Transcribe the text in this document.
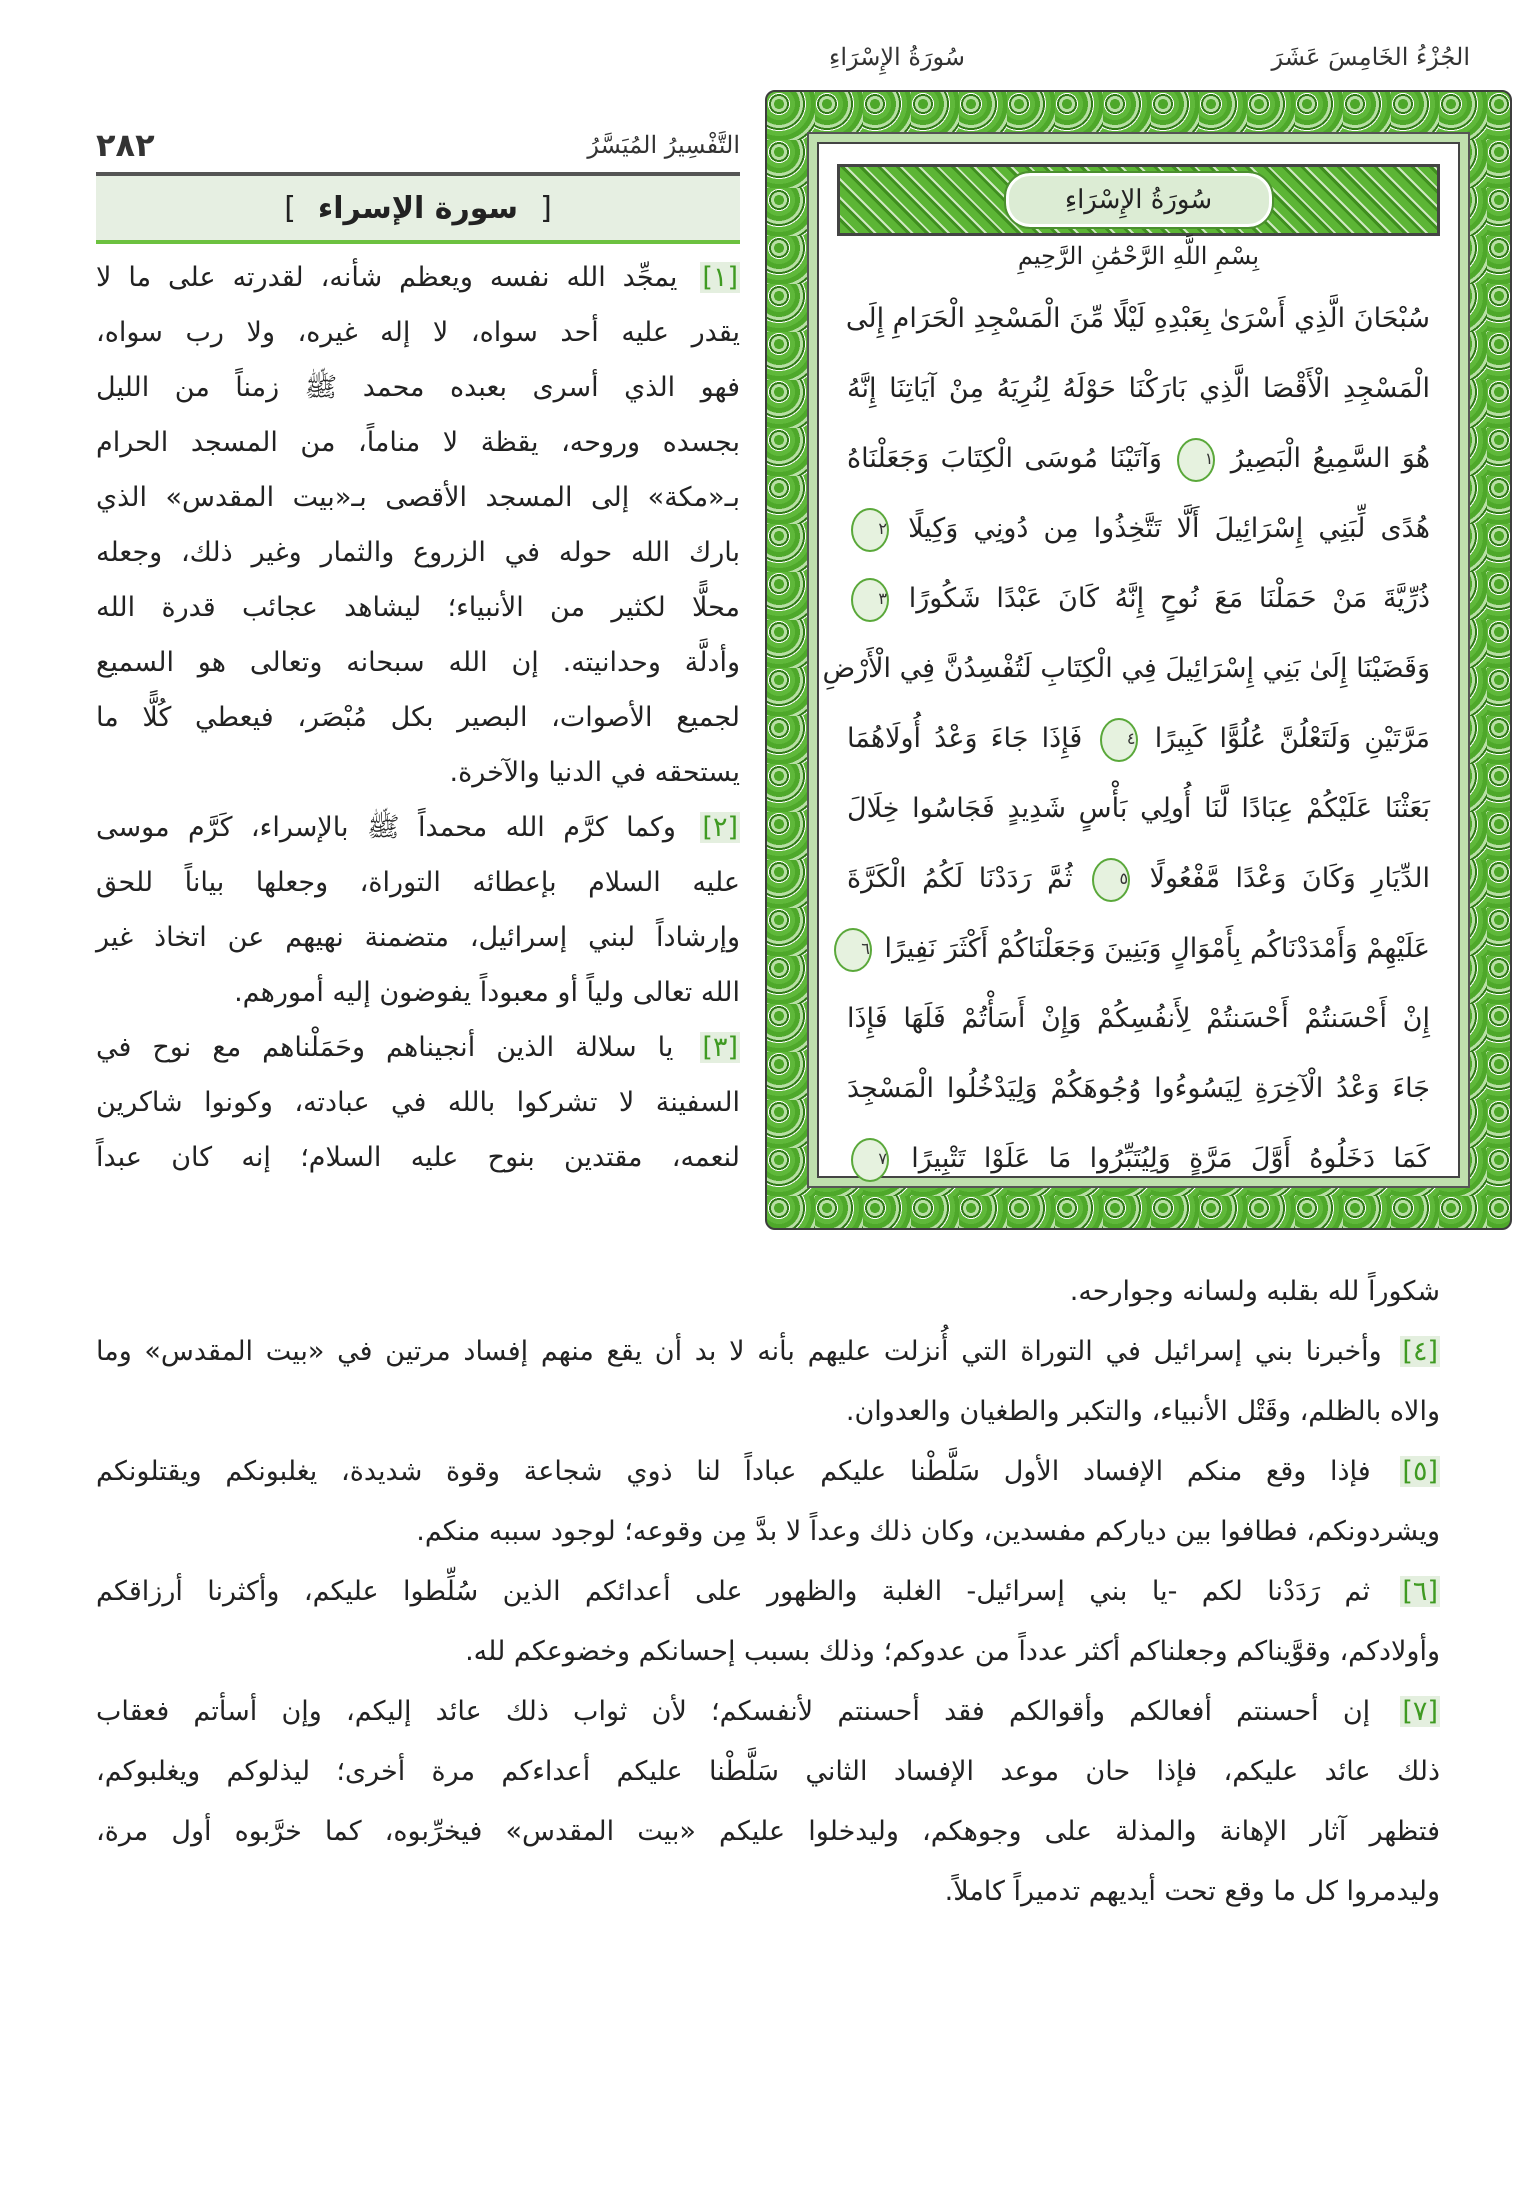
الجُزْءُ الخَامِسَ عَشَرَ
سُورَةُ الإِسْرَاءِ
التَّفْسِيرُ المُيَسَّرُ
٢٨٢
[
سورة الإسراء
]
[١] يمجِّد الله نفسه ويعظم شأنه، لقدرته على ما لا
يقدر عليه أحد سواه، لا إله غيره، ولا رب سواه،
فهو الذي أسرى بعبده محمد ﷺ زمناً من الليل
بجسده وروحه، يقظة لا مناماً، من المسجد الحرام
بـ«مكة» إلى المسجد الأقصى بـ«بيت المقدس» الذي
بارك الله حوله في الزروع والثمار وغير ذلك، وجعله
محلًّا لكثير من الأنبياء؛ ليشاهد عجائب قدرة الله
وأدلَّة وحدانيته. إن الله سبحانه وتعالى هو السميع
لجميع الأصوات، البصير بكل مُبْصَر، فيعطي كُلًّا ما
يستحقه في الدنيا والآخرة.
[٢] وكما كرَّم الله محمداً ﷺ بالإسراء، كَرَّم موسى
عليه السلام بإعطائه التوراة، وجعلها بياناً للحق
وإرشاداً لبني إسرائيل، متضمنة نهيهم عن اتخاذ غير
الله تعالى ولياً أو معبوداً يفوضون إليه أمورهم.
[٣] يا سلالة الذين أنجيناهم وحَمَلْناهم مع نوح في
السفينة لا تشركوا بالله في عبادته، وكونوا شاكرين
لنعمه، مقتدين بنوح عليه السلام؛ إنه كان عبداً
شكوراً لله بقلبه ولسانه وجوارحه.
[٤] وأخبرنا بني إسرائيل في التوراة التي أُنزلت عليهم بأنه لا بد أن يقع منهم إفساد مرتين في «بيت المقدس» وما
والاه بالظلم، وقَتْل الأنبياء، والتكبر والطغيان والعدوان.
[٥] فإذا وقع منكم الإفساد الأول سَلَّطْنا عليكم عباداً لنا ذوي شجاعة وقوة شديدة، يغلبونكم ويقتلونكم
ويشردونكم، فطافوا بين دياركم مفسدين، وكان ذلك وعداً لا بدَّ مِن وقوعه؛ لوجود سببه منكم.
[٦] ثم رَدَدْنا لكم -يا بني إسرائيل- الغلبة والظهور على أعدائكم الذين سُلِّطوا عليكم، وأكثرنا أرزاقكم
وأولادكم، وقوَّيناكم وجعلناكم أكثر عدداً من عدوكم؛ وذلك بسبب إحسانكم وخضوعكم لله.
[٧] إن أحسنتم أفعالكم وأقوالكم فقد أحسنتم لأنفسكم؛ لأن ثواب ذلك عائد إليكم، وإن أسأتم فعقاب
ذلك عائد عليكم، فإذا حان موعد الإفساد الثاني سَلَّطْنا عليكم أعداءكم مرة أخرى؛ ليذلوكم ويغلبوكم،
فتظهر آثار الإهانة والمذلة على وجوهكم، وليدخلوا عليكم «بيت المقدس» فيخرِّبوه، كما خرَّبوه أول مرة،
وليدمروا كل ما وقع تحت أيديهم تدميراً كاملاً.
سُورَةُ الإِسْرَاءِ
بِسْمِ اللَّهِ الرَّحْمَٰنِ الرَّحِيمِ
سُبْحَانَ الَّذِي أَسْرَىٰ بِعَبْدِهِ لَيْلًا مِّنَ الْمَسْجِدِ الْحَرَامِ إِلَى
الْمَسْجِدِ الْأَقْصَا الَّذِي بَارَكْنَا حَوْلَهُ لِنُرِيَهُ مِنْ آيَاتِنَا إِنَّهُ
هُوَ السَّمِيعُ الْبَصِيرُ ١ وَآتَيْنَا مُوسَى الْكِتَابَ وَجَعَلْنَاهُ
هُدًى لِّبَنِي إِسْرَائِيلَ أَلَّا تَتَّخِذُوا مِن دُونِي وَكِيلًا ٢
ذُرِّيَّةَ مَنْ حَمَلْنَا مَعَ نُوحٍ إِنَّهُ كَانَ عَبْدًا شَكُورًا ٣
وَقَضَيْنَا إِلَىٰ بَنِي إِسْرَائِيلَ فِي الْكِتَابِ لَتُفْسِدُنَّ فِي الْأَرْضِ
مَرَّتَيْنِ وَلَتَعْلُنَّ عُلُوًّا كَبِيرًا ٤ فَإِذَا جَاءَ وَعْدُ أُولَاهُمَا
بَعَثْنَا عَلَيْكُمْ عِبَادًا لَّنَا أُولِي بَأْسٍ شَدِيدٍ فَجَاسُوا خِلَالَ
الدِّيَارِ وَكَانَ وَعْدًا مَّفْعُولًا ٥ ثُمَّ رَدَدْنَا لَكُمُ الْكَرَّةَ
عَلَيْهِمْ وَأَمْدَدْنَاكُم بِأَمْوَالٍ وَبَنِينَ وَجَعَلْنَاكُمْ أَكْثَرَ نَفِيرًا ٦
إِنْ أَحْسَنتُمْ أَحْسَنتُمْ لِأَنفُسِكُمْ وَإِنْ أَسَأْتُمْ فَلَهَا فَإِذَا
جَاءَ وَعْدُ الْآخِرَةِ لِيَسُوءُوا وُجُوهَكُمْ وَلِيَدْخُلُوا الْمَسْجِدَ
كَمَا دَخَلُوهُ أَوَّلَ مَرَّةٍ وَلِيُتَبِّرُوا مَا عَلَوْا تَتْبِيرًا ٧
